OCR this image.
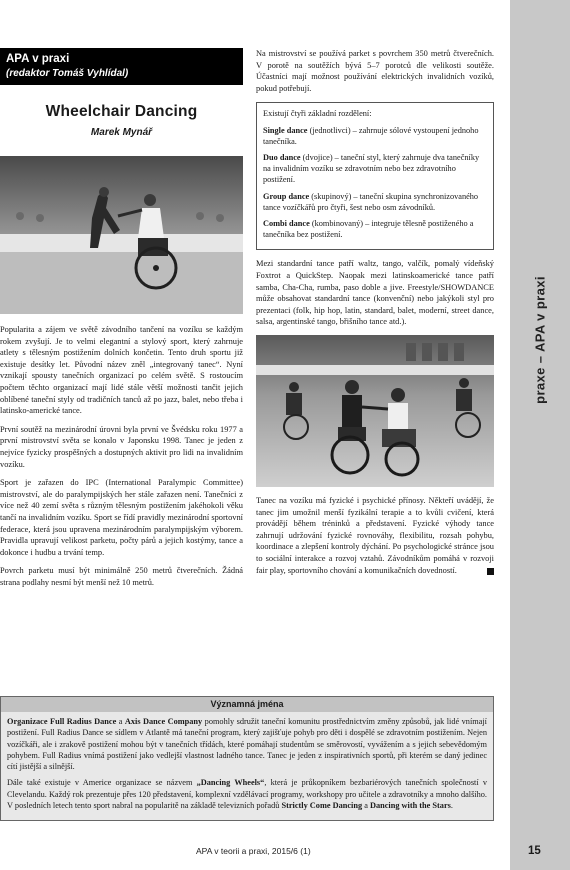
praxe – APA v praxi
APA v praxi
(redaktor Tomáš Vyhlídal)
Wheelchair Dancing
Marek Mynář

Popularita a zájem ve světě závodního tančení na vozíku se každým rokem zvyšují. Je to velmi elegantní a stylový sport, který zahrnuje atlety s tělesným postižením dolních končetin. Tento druh sportu již existuje desítky let. Původní název zněl „integrovaný tanec“. Nyní vznikají spousty tanečních organizací po celém světě. S rostoucím počtem těchto organizací mají lidé stále větší možnosti tančit jejich oblíbené taneční styly od tradičních tanců až po jazz, balet, nebo třeba i latinsko-americké tance.

První soutěž na mezinárodní úrovni byla první ve Švédsku roku 1977 a první mistrovství světa se konalo v Japonsku 1998. Tanec je jeden z nejvíce fyzicky prospěšných a dostupných aktivit pro lidi na invalidním vozíku.

Sport je zařazen do IPC (International Paralympic Committee) mistrovství, ale do paralympijských her stále zařazen není. Tanečníci z více než 40 zemí světa s různým tělesným postižením jakéhokoli věku tančí na invalidním vozíku. Sport se řídí pravidly mezinárodní sportovní federace, která jsou upravena mezinárodním paralympijským výborem. Pravidla upravují velikost parketu, počty párů a jejich kostýmy, tance a dokonce i hudbu a trvání temp.

Povrch parketu musí být minimálně 250 metrů čtverečních. Žádná strana podlahy nesmí být menší než 10 metrů.

Na mistrovství se používá parket s povrchem 350 metrů čtverečních. V porotě na soutěžích bývá 5–7 porotců dle velikosti soutěže. Účastníci mají možnost používání elektrických invalidních vozíků, pokud potřebují.

Existují čtyři základní rozdělení:

Single dance (jednotlivci) – zahrnuje sólové vystoupení jednoho tanečníka.

Duo dance (dvojice) – taneční styl, který zahrnuje dva tanečníky na invalidním vozíku se zdravotním nebo bez zdravotního postižení.

Group dance (skupinový) – taneční skupina synchronizovaného tance vozíčkářů pro čtyři, šest nebo osm závodníků.

Combi dance (kombinovaný) – integruje tělesně postiženého a tanečníka bez postižení.

Mezi standardní tance patří waltz, tango, valčík, pomalý vídeňský Foxtrot a QuickStep. Naopak mezi latinskoamerické tance patří samba, Cha-Cha, rumba, paso doble a jive. Freestyle/SHOWDANCE může obsahovat standardní tance (konvenční) nebo jakýkoli styl pro prezentaci (folk, hip hop, latin, standard, balet, moderní, street dance, salsa, argentinské tango, břišního tance atd.).

Tanec na vozíku má fyzické i psychické přínosy. Někteří uvádějí, že tanec jim umožnil menší fyzikální terapie a to kvůli cvičení, která provádějí během tréninků a představení. Fyzické výhody tance zahrnují udržování fyzické rovnováhy, flexibilitu, rozsah pohybu, koordinace a zlepšení kontroly dýchání. Po psychologické stránce jsou to sociální interakce a rozvoj vztahů. Závodníkům pomáhá v rozvoji fair play, sportovního chování a komunikačních dovedností.

Významná jména

Organizace Full Radius Dance a Axis Dance Company pomohly sdružit taneční komunitu prostřednictvím změny způsobů, jak lidé vnímají postižení. Full Radius Dance se sídlem v Atlantě má taneční program, který zajišťuje pohyb pro děti i dospělé se zdravotním postižením. Nejen vozíčkáři, ale i zrakově postižení mohou být v tanečních třídách, které pomáhají studentům se směrovostí, vyvážením a s jejich sebevědomým pohybem. Full Radius vnímá postižení jako vedlejší vlastnost ladného tance. Tanec je jeden z inspirativních sportů, při kterém se daný jedinec cítí jistější a silnější.

Dále také existuje v Americe organizace se názvem „Dancing Wheels“, která je průkopníkem bezbariérových tanečních společností v Clevelandu. Každý rok prezentuje přes 120 představení, komplexní vzdělávací programy, workshopy pro učitele a zdravotníky a mnoho dalšího. V posledních letech tento sport nabral na popularitě na základě televizních pořadů Strictly Come Dancing a Dancing with the Stars.

APA v teorii a praxi, 2015/6 (1)	15
